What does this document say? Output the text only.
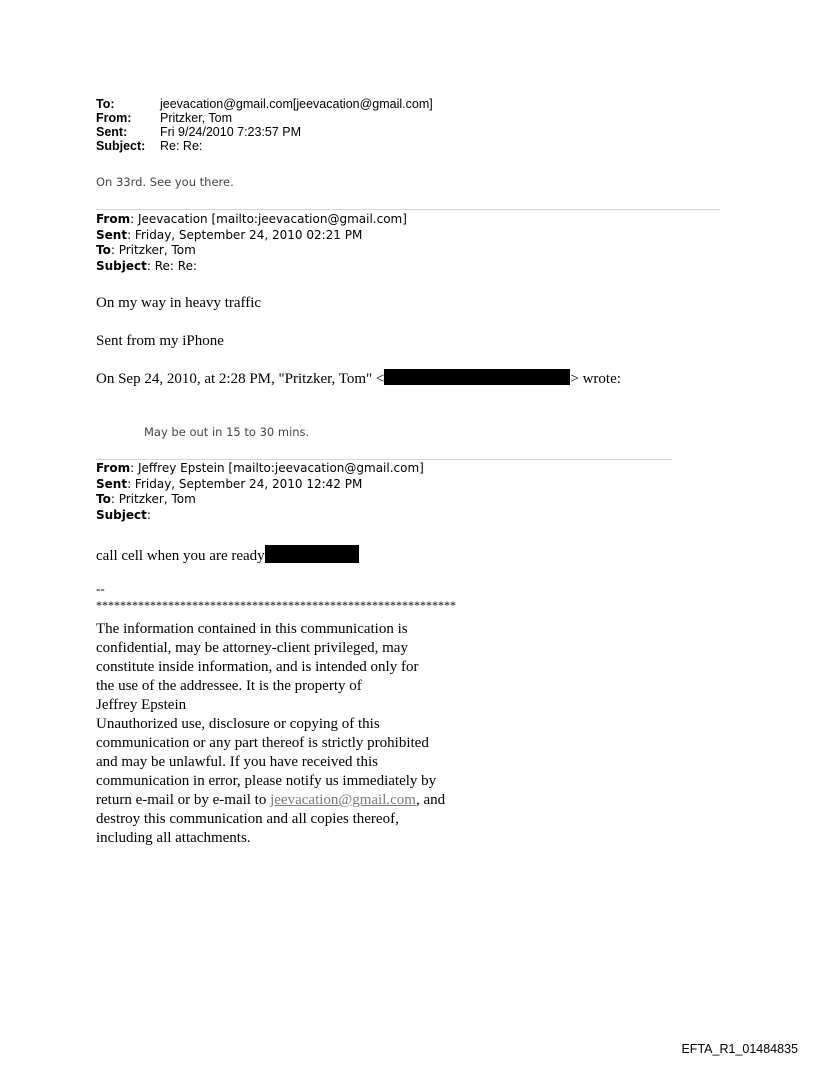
To:	jeevacation@gmail.com[jeevacation@gmail.com]
From:	Pritzker, Tom
Sent:	Fri 9/24/2010 7:23:57 PM
Subject:	Re: Re:
On 33rd. See you there.
From: Jeevacation [mailto:jeevacation@gmail.com]
Sent: Friday, September 24, 2010 02:21 PM
To: Pritzker, Tom
Subject: Re: Re:
On my way in heavy traffic
Sent from my iPhone
On Sep 24, 2010, at 2:28 PM, "Pritzker, Tom" <	> wrote:
May be out in 15 to 30 mins.
From: Jeffrey Epstein [mailto:jeevacation@gmail.com]
Sent: Friday, September 24, 2010 12:42 PM
To: Pritzker, Tom
Subject:
call cell when you are ready
--
************************************************************
The information contained in this communication is
confidential, may be attorney-client privileged, may
constitute inside information, and is intended only for
the use of the addressee. It is the property of
Jeffrey Epstein
Unauthorized use, disclosure or copying of this
communication or any part thereof is strictly prohibited
and may be unlawful. If you have received this
communication in error, please notify us immediately by
return e-mail or by e-mail to jeevacation@gmail.com, and
destroy this communication and all copies thereof,
including all attachments.
EFTA_R1_01484835
